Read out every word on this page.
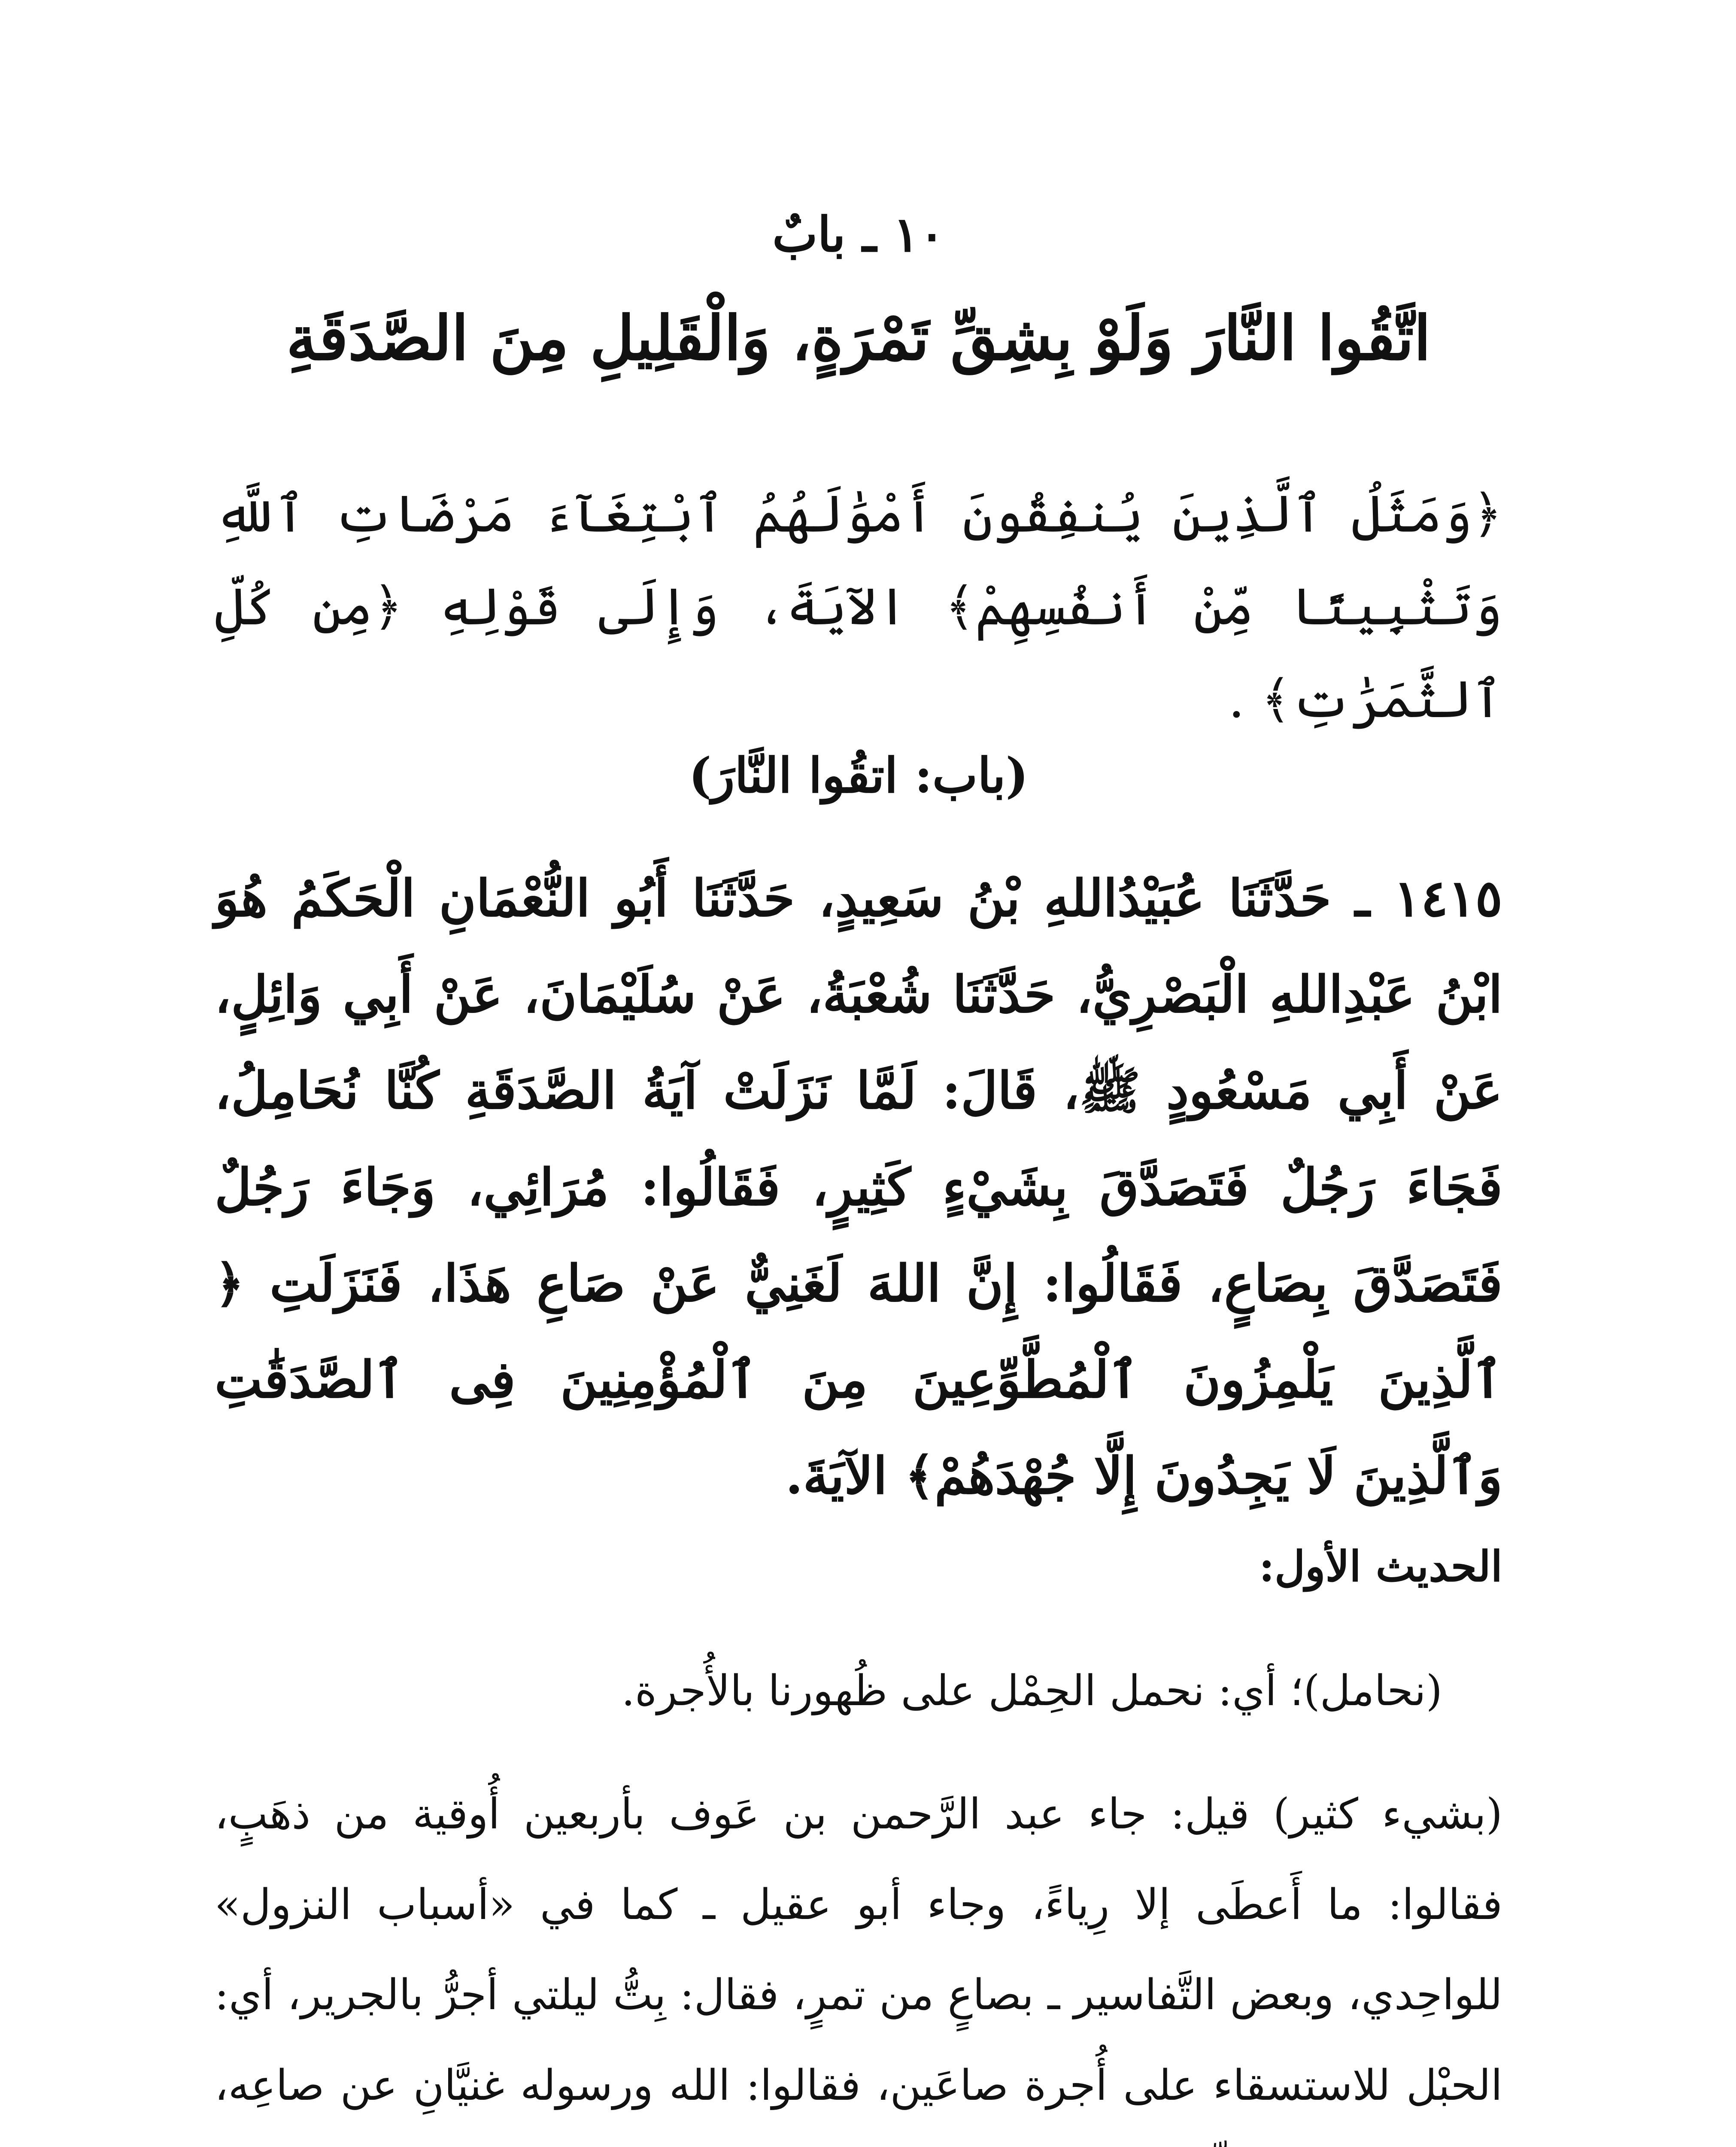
١٠ ـ بابٌ

اتَّقُوا النَّارَ وَلَوْ بِشِقِّ تَمْرَةٍ، وَالْقَلِيلِ مِنَ الصَّدَقَةِ

﴿وَمَثَلُ ٱلَّذِينَ يُنفِقُونَ أَمْوَٰلَهُمُ ٱبْتِغَآءَ مَرْضَاتِ ٱللَّهِ وَتَثْبِيتًا مِّنْ أَنفُسِهِمْ﴾ الآيَةَ، وَإِلَى قَوْلِهِ ﴿مِن كُلِّ ٱلثَّمَرَٰتِ﴾ .

(باب: اتقُوا النَّارَ)

١٤١٥ ـ حَدَّثَنَا عُبَيْدُاللهِ بْنُ سَعِيدٍ، حَدَّثَنَا أَبُو النُّعْمَانِ الْحَكَمُ هُوَ ابْنُ عَبْدِاللهِ الْبَصْرِيُّ، حَدَّثَنَا شُعْبَةُ، عَنْ سُلَيْمَانَ، عَنْ أَبِي وَائِلٍ، عَنْ أَبِي مَسْعُودٍ ﷺ، قَالَ: لَمَّا نَزَلَتْ آيَةُ الصَّدَقَةِ كُنَّا نُحَامِلُ، فَجَاءَ رَجُلٌ فَتَصَدَّقَ بِشَيْءٍ كَثِيرٍ، فَقَالُوا: مُرَائِي، وَجَاءَ رَجُلٌ فَتَصَدَّقَ بِصَاعٍ، فَقَالُوا: إِنَّ اللهَ لَغَنِيٌّ عَنْ صَاعِ هَذَا، فَنَزَلَتِ ﴿ ٱلَّذِينَ يَلْمِزُونَ ٱلْمُطَّوِّعِينَ مِنَ ٱلْمُؤْمِنِينَ فِى ٱلصَّدَقَٰتِ وَٱلَّذِينَ لَا يَجِدُونَ إِلَّا جُهْدَهُمْ﴾ الآيَةَ.

الحديث الأول:

(نحامل)؛ أي: نحمل الحِمْل على ظُهورنا بالأُجرة.

(بشيء كثير) قيل: جاء عبد الرَّحمن بن عَوف بأربعين أُوقية من ذهَبٍ، فقالوا: ما أَعطَى إلا رِياءً، وجاء أبو عقيل ـ كما في «أسباب النزول» للواحِدي، وبعض التَّفاسير ـ بصاعٍ من تمرٍ، فقال: بِتُّ ليلتي أجرُّ بالجرير، أي: الحبْل للاستسقاء على أُجرة صاعَين، فقالوا: الله ورسوله غنيَّانِ عن صاعِه،
